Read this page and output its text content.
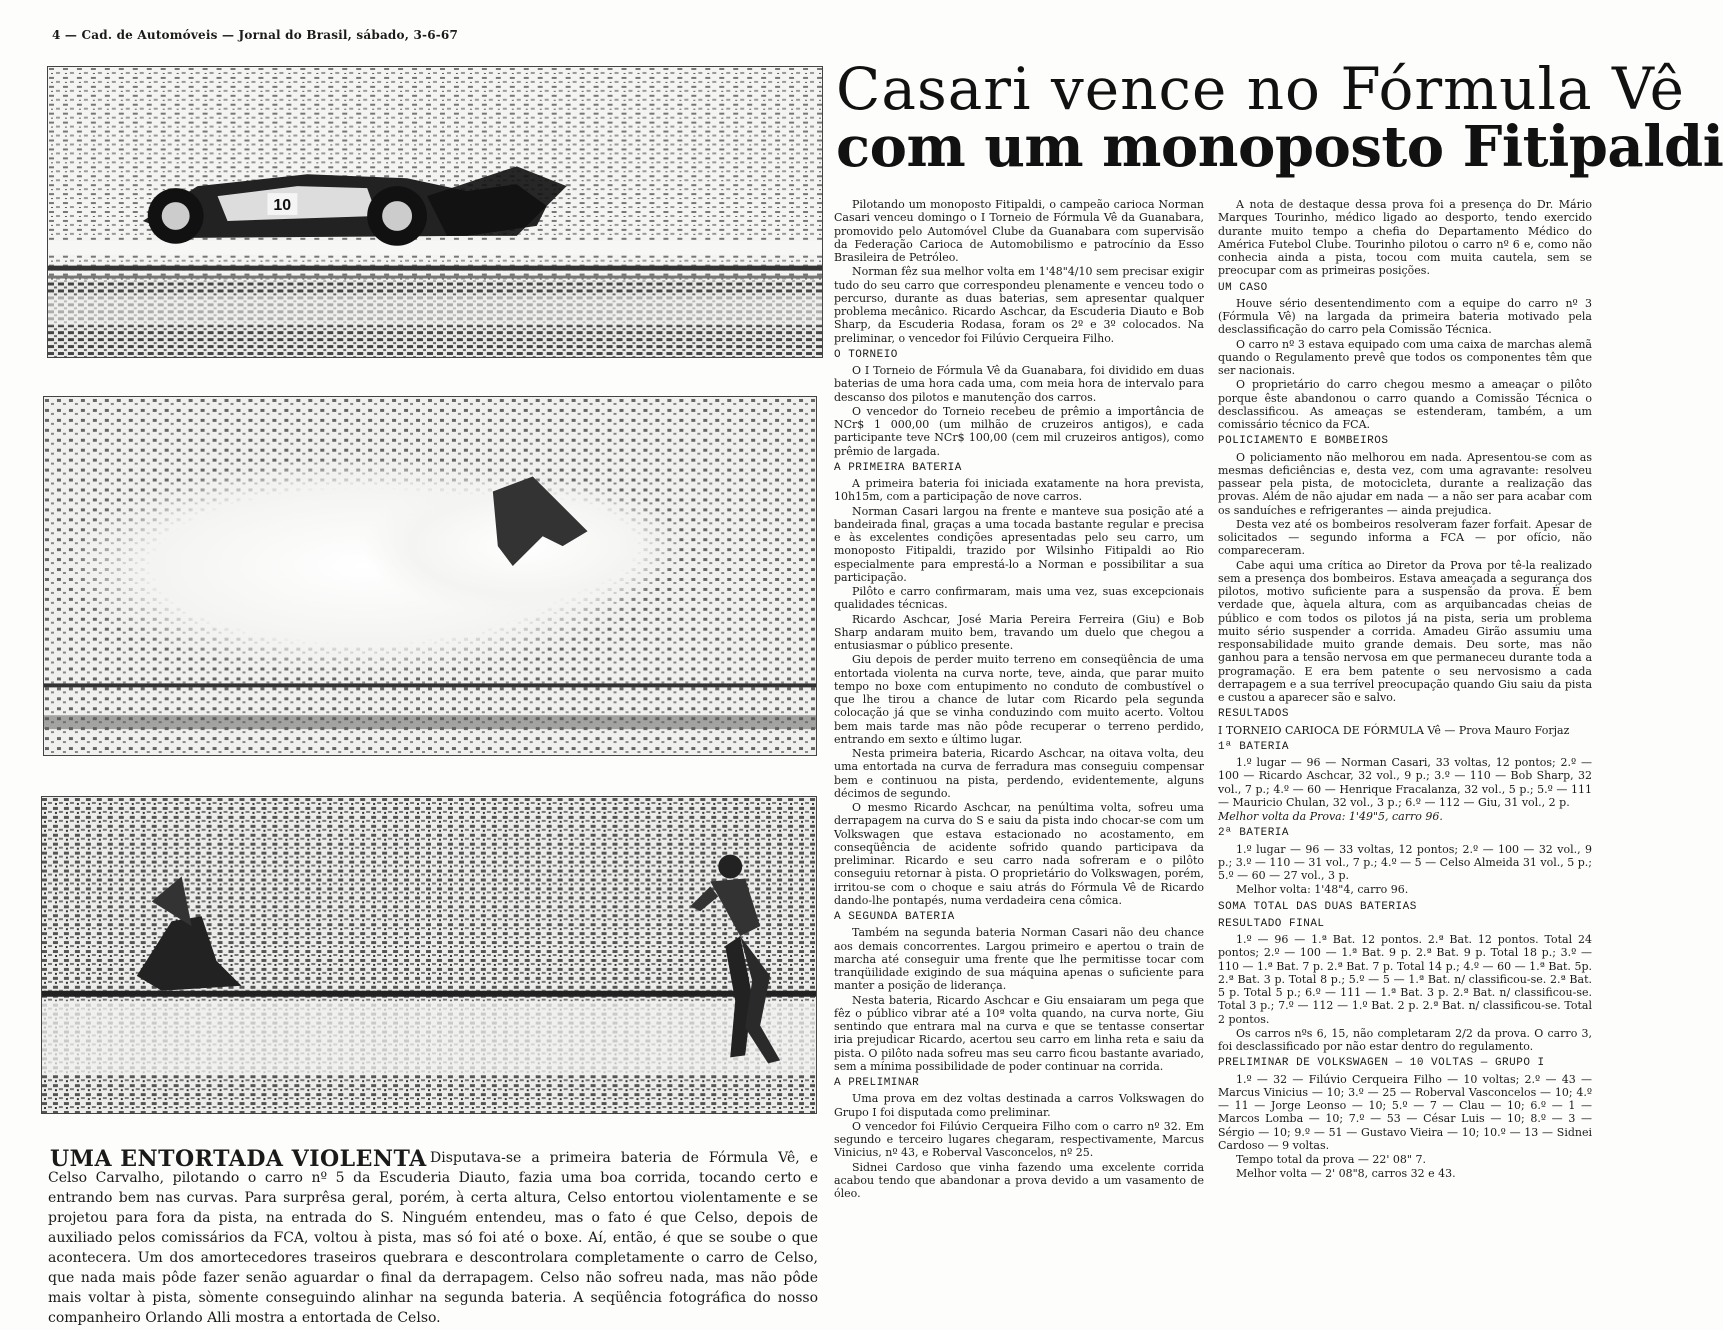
4 — Cad. de Automóveis — Jornal do Brasil, sábado, 3-6-67
10
Casari vence no Fórmula Vê
com um monoposto Fitipaldi

Pilotando um monoposto Fitipaldi, o campeão carioca Norman Casari venceu domingo o I Torneio de Fórmula Vê da Guanabara, promovido pelo Automóvel Clube da Guanabara com supervisão da Federação Carioca de Automobilismo e patrocínio da Esso Brasileira de Petróleo.

Norman fêz sua melhor volta em 1'48"4/10 sem precisar exigir tudo do seu carro que correspondeu plenamente e venceu todo o percurso, durante as duas baterias, sem apresentar qualquer problema mecânico. Ricardo Aschcar, da Escuderia Diauto e Bob Sharp, da Escuderia Rodasa, foram os 2º e 3º colocados. Na preliminar, o vencedor foi Filúvio Cerqueira Filho.

O TORNEIO

O I Torneio de Fórmula Vê da Guanabara, foi dividido em duas baterias de uma hora cada uma, com meia hora de intervalo para descanso dos pilotos e manutenção dos carros.

O vencedor do Torneio recebeu de prêmio a importância de NCr$ 1 000,00 (um milhão de cruzeiros antigos), e cada participante teve NCr$ 100,00 (cem mil cruzeiros antigos), como prêmio de largada.

A PRIMEIRA BATERIA

A primeira bateria foi iniciada exatamente na hora prevista, 10h15m, com a participação de nove carros.

Norman Casari largou na frente e manteve sua posição até a bandeirada final, graças a uma tocada bastante regular e precisa e às excelentes condições apresentadas pelo seu carro, um monoposto Fitipaldi, trazido por Wilsinho Fitipaldi ao Rio especialmente para emprestá-lo a Norman e possibilitar a sua participação.

Pilôto e carro confirmaram, mais uma vez, suas excepcionais qualidades técnicas.

Ricardo Aschcar, José Maria Pereira Ferreira (Giu) e Bob Sharp andaram muito bem, travando um duelo que chegou a entusiasmar o público presente.

Giu depois de perder muito terreno em conseqüência de uma entortada violenta na curva norte, teve, ainda, que parar muito tempo no boxe com entupimento no conduto de combustível o que lhe tirou a chance de lutar com Ricardo pela segunda colocação já que se vinha conduzindo com muito acerto. Voltou bem mais tarde mas não pôde recuperar o terreno perdido, entrando em sexto e último lugar.

Nesta primeira bateria, Ricardo Aschcar, na oitava volta, deu uma entortada na curva de ferradura mas conseguiu compensar bem e continuou na pista, perdendo, evidentemente, alguns décimos de segundo.

O mesmo Ricardo Aschcar, na penúltima volta, sofreu uma derrapagem na curva do S e saiu da pista indo chocar-se com um Volkswagen que estava estacionado no acostamento, em conseqüência de acidente sofrido quando participava da preliminar. Ricardo e seu carro nada sofreram e o pilôto conseguiu retornar à pista. O proprietário do Volkswagen, porém, irritou-se com o choque e saiu atrás do Fórmula Vê de Ricardo dando-lhe pontapés, numa verdadeira cena cômica.

A SEGUNDA BATERIA

Também na segunda bateria Norman Casari não deu chance aos demais concorrentes. Largou primeiro e apertou o train de marcha até conseguir uma frente que lhe permitisse tocar com tranqüilidade exigindo de sua máquina apenas o suficiente para manter a posição de liderança.

Nesta bateria, Ricardo Aschcar e Giu ensaiaram um pega que fêz o público vibrar até a 10ª volta quando, na curva norte, Giu sentindo que entrara mal na curva e que se tentasse consertar iria prejudicar Ricardo, acertou seu carro em linha reta e saiu da pista. O pilôto nada sofreu mas seu carro ficou bastante avariado, sem a mínima possibilidade de poder continuar na corrida.

A PRELIMINAR

Uma prova em dez voltas destinada a carros Volkswagen do Grupo I foi disputada como preliminar.

O vencedor foi Filúvio Cerqueira Filho com o carro nº 32. Em segundo e terceiro lugares chegaram, respectivamente, Marcus Vinicius, nº 43, e Roberval Vasconcelos, nº 25.

Sidnei Cardoso que vinha fazendo uma excelente corrida acabou tendo que abandonar a prova devido a um vasamento de óleo.

A nota de destaque dessa prova foi a presença do Dr. Mário Marques Tourinho, médico ligado ao desporto, tendo exercido durante muito tempo a chefia do Departamento Médico do América Futebol Clube. Tourinho pilotou o carro nº 6 e, como não conhecia ainda a pista, tocou com muita cautela, sem se preocupar com as primeiras posições.

UM CASO

Houve sério desentendimento com a equipe do carro nº 3 (Fórmula Vê) na largada da primeira bateria motivado pela desclassificação do carro pela Comissão Técnica.

O carro nº 3 estava equipado com uma caixa de marchas alemã quando o Regulamento prevê que todos os componentes têm que ser nacionais.

O proprietário do carro chegou mesmo a ameaçar o pilôto porque êste abandonou o carro quando a Comissão Técnica o desclassificou. As ameaças se estenderam, também, a um comissário técnico da FCA.

POLICIAMENTO E BOMBEIROS

O policiamento não melhorou em nada. Apresentou-se com as mesmas deficiências e, desta vez, com uma agravante: resolveu passear pela pista, de motocicleta, durante a realização das provas. Além de não ajudar em nada — a não ser para acabar com os sanduíches e refrigerantes — ainda prejudica.

Desta vez até os bombeiros resolveram fazer forfait. Apesar de solicitados — segundo informa a FCA — por ofício, não compareceram.

Cabe aqui uma crítica ao Diretor da Prova por tê-la realizado sem a presença dos bombeiros. Estava ameaçada a segurança dos pilotos, motivo suficiente para a suspensão da prova. É bem verdade que, àquela altura, com as arquibancadas cheias de público e com todos os pilotos já na pista, seria um problema muito sério suspender a corrida. Amadeu Girão assumiu uma responsabilidade muito grande demais. Deu sorte, mas não ganhou para a tensão nervosa em que permaneceu durante toda a programação. E era bem patente o seu nervosismo a cada derrapagem e a sua terrível preocupação quando Giu saiu da pista e custou a aparecer são e salvo.

RESULTADOS

I TORNEIO CARIOCA DE FÓRMULA Vê — Prova Mauro Forjaz

1ª BATERIA

1.º lugar — 96 — Norman Casari, 33 voltas, 12 pontos; 2.º — 100 — Ricardo Aschcar, 32 vol., 9 p.; 3.º — 110 — Bob Sharp, 32 vol., 7 p.; 4.º — 60 — Henrique Fracalanza, 32 vol., 5 p.; 5.º — 111 — Mauricio Chulan, 32 vol., 3 p.; 6.º — 112 — Giu, 31 vol., 2 p.

Melhor volta da Prova: 1'49"5, carro 96.

2ª BATERIA

1.º lugar — 96 — 33 voltas, 12 pontos; 2.º — 100 — 32 vol., 9 p.; 3.º — 110 — 31 vol., 7 p.; 4.º — 5 — Celso Almeida 31 vol., 5 p.; 5.º — 60 — 27 vol., 3 p.

Melhor volta: 1'48"4, carro 96.

SOMA TOTAL DAS DUAS BATERIAS
RESULTADO FINAL

1.º — 96 — 1.ª Bat. 12 pontos. 2.ª Bat. 12 pontos. Total 24 pontos; 2.º — 100 — 1.ª Bat. 9 p. 2.ª Bat. 9 p. Total 18 p.; 3.º — 110 — 1.ª Bat. 7 p. 2.ª Bat. 7 p. Total 14 p.; 4.º — 60 — 1.ª Bat. 5p. 2.ª Bat. 3 p. Total 8 p.; 5.º — 5 — 1.ª Bat. n/ classificou-se. 2.ª Bat. 5 p. Total 5 p.; 6.º — 111 — 1.ª Bat. 3 p. 2.ª Bat. n/ classificou-se. Total 3 p.; 7.º — 112 — 1.º Bat. 2 p. 2.ª Bat. n/ classificou-se. Total 2 pontos.

Os carros nºs 6, 15, não completaram 2/2 da prova. O carro 3, foi desclassificado por não estar dentro do regulamento.

PRELIMINAR DE VOLKSWAGEN — 10 VOLTAS — GRUPO I

1.º — 32 — Filúvio Cerqueira Filho — 10 voltas; 2.º — 43 — Marcus Vinicius — 10; 3.º — 25 — Roberval Vasconcelos — 10; 4.º — 11 — Jorge Leonso — 10; 5.º — 7 — Clau — 10; 6.º — 1 — Marcos Lomba — 10; 7.º — 53 — César Luis — 10; 8.º — 3 — Sérgio — 10; 9.º — 51 — Gustavo Vieira — 10; 10.º — 13 — Sidnei Cardoso — 9 voltas.

Tempo total da prova — 22' 08" 7.

Melhor volta — 2' 08"8, carros 32 e 43.

UMA ENTORTADA VIOLENTA Disputava-se a primeira bateria de Fórmula Vê, e Celso Carvalho, pilotando o carro nº 5 da Escuderia Diauto, fazia uma boa corrida, tocando certo e entrando bem nas curvas. Para surprêsa geral, porém, à certa altura, Celso entortou violentamente e se projetou para fora da pista, na entrada do S. Ninguém entendeu, mas o fato é que Celso, depois de auxiliado pelos comissários da FCA, voltou à pista, mas só foi até o boxe. Aí, então, é que se soube o que acontecera. Um dos amortecedores traseiros quebrara e descontrolara completamente o carro de Celso, que nada mais pôde fazer senão aguardar o final da derrapagem. Celso não sofreu nada, mas não pôde mais voltar à pista, sòmente conseguindo alinhar na segunda bateria. A seqüência fotográfica do nosso companheiro Orlando Alli mostra a entortada de Celso.
